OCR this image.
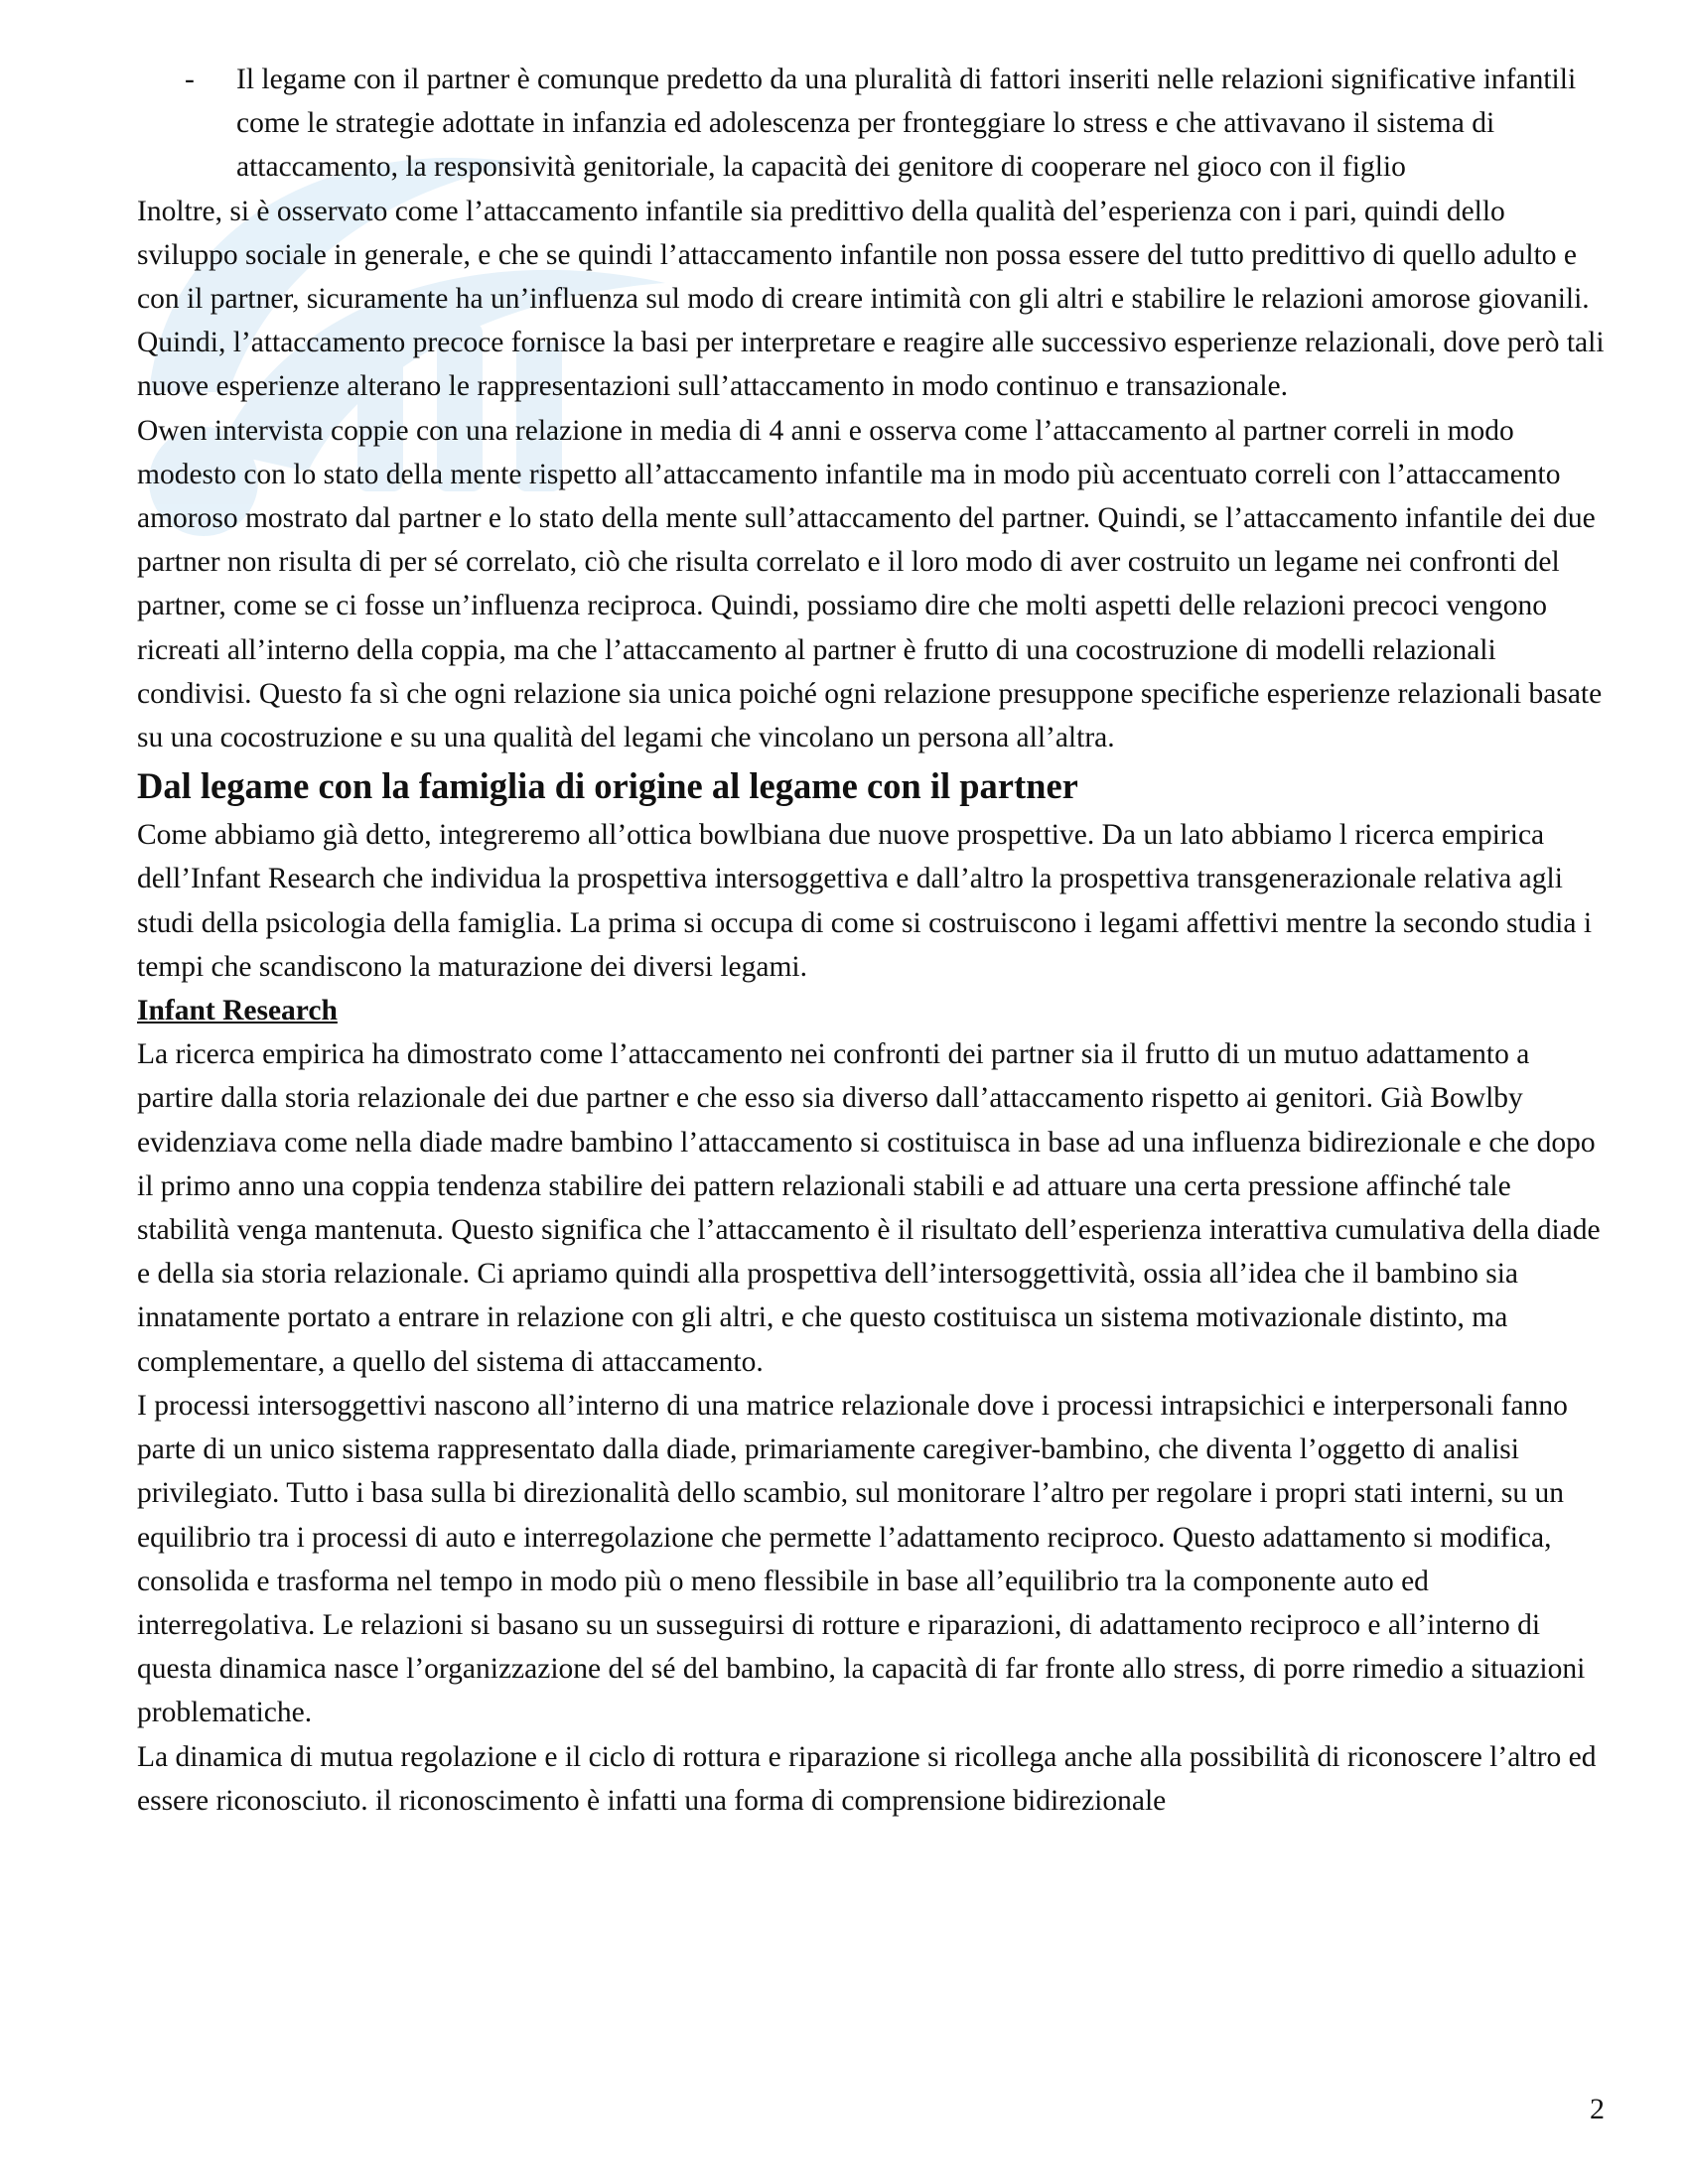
- Il legame con il partner è comunque predetto da una pluralità di fattori inseriti nelle relazioni significative infantili come le strategie adottate in infanzia ed adolescenza per fronteggiare lo stress e che attivavano il sistema di attaccamento, la responsività genitoriale, la capacità dei genitore di cooperare nel gioco con il figlio

Inoltre, si è osservato come l’attaccamento infantile sia predittivo della qualità del’esperienza con i pari, quindi dello sviluppo sociale in generale, e che se quindi l’attaccamento infantile non possa essere del tutto predittivo di quello adulto e con il partner, sicuramente ha un’influenza sul modo di creare intimità con gli altri e stabilire le relazioni amorose giovanili. Quindi, l’attaccamento precoce fornisce la basi per interpretare e reagire alle successivo esperienze relazionali, dove però tali nuove esperienze alterano le rappresentazioni sull’attaccamento in modo continuo e transazionale.

Owen intervista coppie con una relazione in media di 4 anni e osserva come l’attaccamento al partner correli in modo modesto con lo stato della mente rispetto all’attaccamento infantile ma in modo più accentuato correli con l’attaccamento amoroso mostrato dal partner e lo stato della mente sull’attaccamento del partner. Quindi, se l’attaccamento infantile dei due partner non risulta di per sé correlato, ciò che risulta correlato e il loro modo di aver costruito un legame nei confronti del partner, come se ci fosse un’influenza reciproca. Quindi, possiamo dire che molti aspetti delle relazioni precoci vengono ricreati all’interno della coppia, ma che l’attaccamento al partner è frutto di una cocostruzione di modelli relazionali condivisi. Questo fa sì che ogni relazione sia unica poiché ogni relazione presuppone specifiche esperienze relazionali basate su una cocostruzione e su una qualità del legami che vincolano un persona all’altra.

Dal legame con la famiglia di origine al legame con il partner

Come abbiamo già detto, integreremo all’ottica bowlbiana due nuove prospettive. Da un lato abbiamo l ricerca empirica dell’Infant Research che individua la prospettiva intersoggettiva e dall’altro la prospettiva transgenerazionale relativa agli studi della psicologia della famiglia. La prima si occupa di come si costruiscono i legami affettivi mentre la secondo studia i tempi che scandiscono la maturazione dei diversi legami.

Infant Research

La ricerca empirica ha dimostrato come l’attaccamento nei confronti dei partner sia il frutto di un mutuo adattamento a partire dalla storia relazionale dei due partner e che esso sia diverso dall’attaccamento rispetto ai genitori. Già Bowlby evidenziava come nella diade madre bambino l’attaccamento si costituisca in base ad una influenza bidirezionale e che dopo il primo anno una coppia tendenza stabilire dei pattern relazionali stabili e ad attuare una certa pressione affinché tale stabilità venga mantenuta. Questo significa che l’attaccamento è il risultato dell’esperienza interattiva cumulativa della diade e della sia storia relazionale. Ci apriamo quindi alla prospettiva dell’intersoggettività, ossia all’idea che il bambino sia innatamente portato a entrare in relazione con gli altri, e che questo costituisca un sistema motivazionale distinto, ma complementare, a quello del sistema di attaccamento.

I processi intersoggettivi nascono all’interno di una matrice relazionale dove i processi intrapsichici e interpersonali fanno parte di un unico sistema rappresentato dalla diade, primariamente caregiver-bambino, che diventa l’oggetto di analisi privilegiato. Tutto i basa sulla bi direzionalità dello scambio, sul monitorare l’altro per regolare i propri stati interni, su un equilibrio tra i processi di auto e interregolazione che permette l’adattamento reciproco. Questo adattamento si modifica, consolida e trasforma nel tempo in modo più o meno flessibile in base all’equilibrio tra la componente auto ed interregolativa. Le relazioni si basano su un susseguirsi di rotture e riparazioni, di adattamento reciproco e all’interno di questa dinamica nasce l’organizzazione del sé del bambino, la capacità di far fronte allo stress, di porre rimedio a situazioni problematiche.

La dinamica di mutua regolazione e il ciclo di rottura e riparazione si ricollega anche alla possibilità di riconoscere l’altro ed essere riconosciuto. il riconoscimento è infatti una forma di comprensione bidirezionale

2
